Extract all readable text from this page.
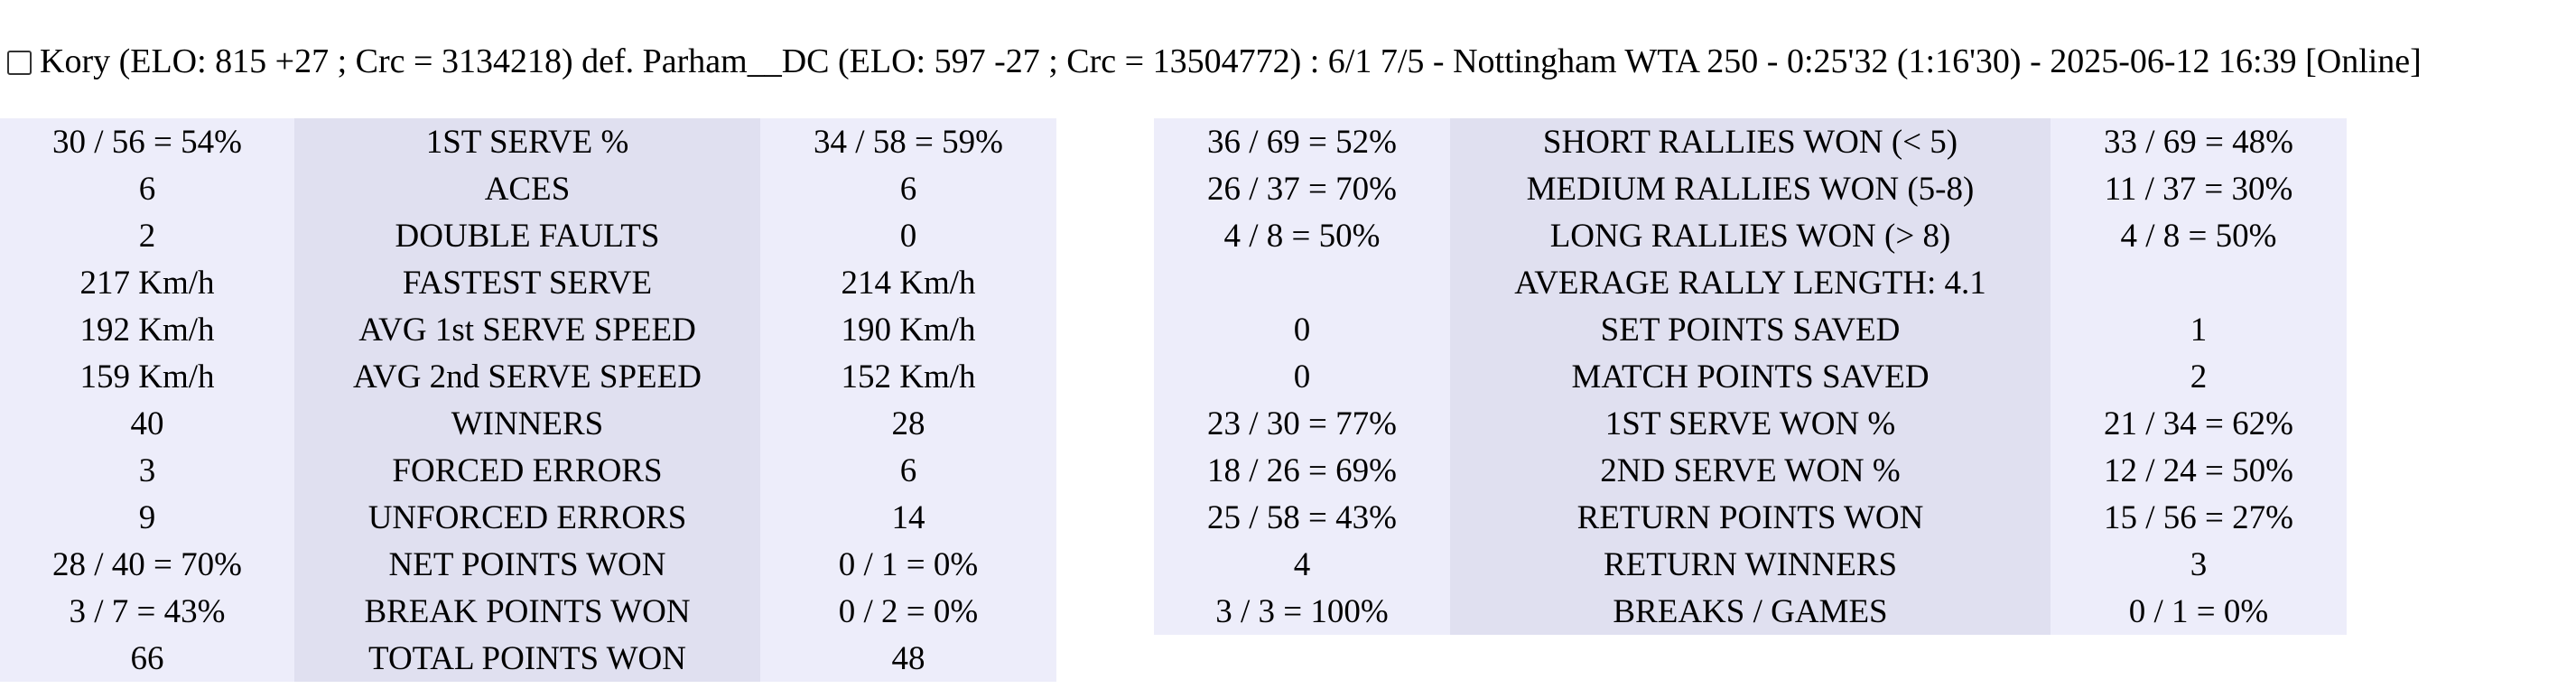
Kory (ELO: 815 +27 ; Crc = 3134218) def. Parham__DC (ELO: 597 -27 ; Crc = 13504772) : 6/1 7/5 - Nottingham WTA 250 - 0:25'32 (1:16'30) - 2025-06-12 16:39 [Online]
30 / 56 = 54%	1ST SERVE %	34 / 58 = 59%
6	ACES	6
2	DOUBLE FAULTS	0
217 Km/h	FASTEST SERVE	214 Km/h
192 Km/h	AVG 1st SERVE SPEED	190 Km/h
159 Km/h	AVG 2nd SERVE SPEED	152 Km/h
40	WINNERS	28
3	FORCED ERRORS	6
9	UNFORCED ERRORS	14
28 / 40 = 70%	NET POINTS WON	0 / 1 = 0%
3 / 7 = 43%	BREAK POINTS WON	0 / 2 = 0%
66	TOTAL POINTS WON	48
36 / 69 = 52%	SHORT RALLIES WON (< 5)	33 / 69 = 48%
26 / 37 = 70%	MEDIUM RALLIES WON (5-8)	11 / 37 = 30%
4 / 8 = 50%	LONG RALLIES WON (> 8)	4 / 8 = 50%
	AVERAGE RALLY LENGTH: 4.1	
0	SET POINTS SAVED	1
0	MATCH POINTS SAVED	2
23 / 30 = 77%	1ST SERVE WON %	21 / 34 = 62%
18 / 26 = 69%	2ND SERVE WON %	12 / 24 = 50%
25 / 58 = 43%	RETURN POINTS WON	15 / 56 = 27%
4	RETURN WINNERS	3
3 / 3 = 100%	BREAKS / GAMES	0 / 1 = 0%
